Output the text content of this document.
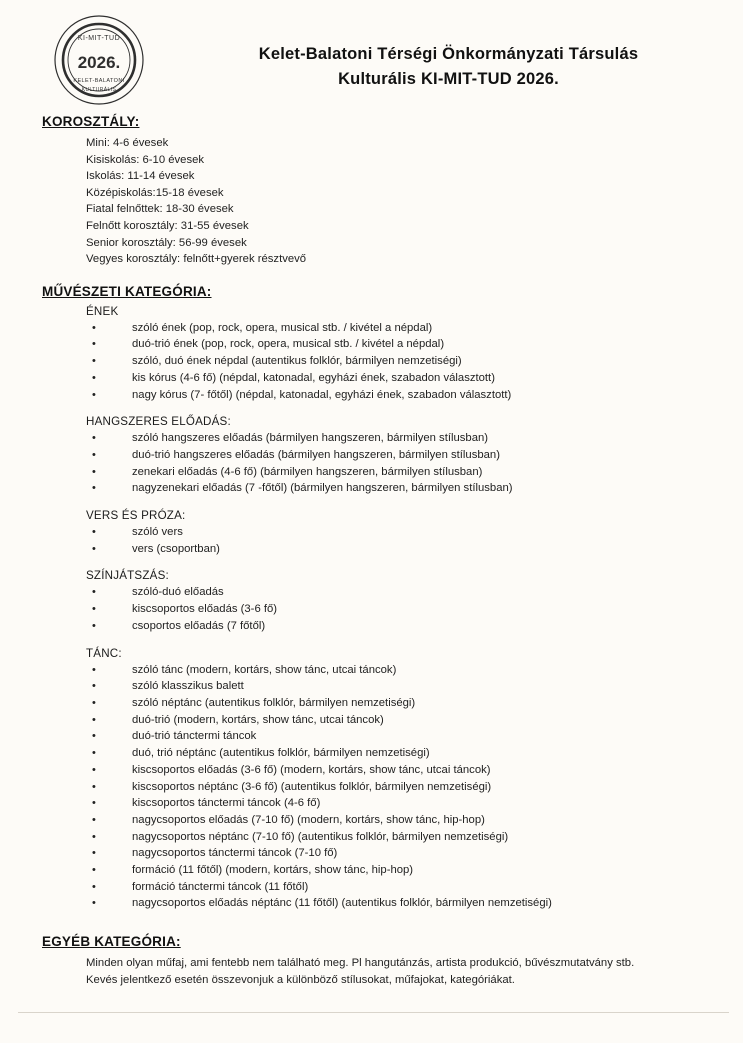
KI-MIT-TUD
2026.
KELET-BALATONI
KULTURÁLIS
Kelet-Balatoni Térségi Önkormányzati Társulás
Kulturális KI-MIT-TUD 2026.
KOROSZTÁLY:
Mini: 4-6 évesek
Kisiskolás: 6-10 évesek
Iskolás: 11-14 évesek
Középiskolás:15-18 évesek
Fiatal felnőttek: 18-30 évesek
Felnőtt korosztály: 31-55 évesek
Senior korosztály: 56-99 évesek
Vegyes korosztály: felnőtt+gyerek résztvevő
MŰVÉSZETI KATEGÓRIA:
ÉNEK
•	szóló ének (pop, rock, opera, musical stb. / kivétel a népdal)
•	duó-trió ének (pop, rock, opera, musical stb. / kivétel a népdal)
•	szóló, duó ének népdal (autentikus folklór, bármilyen nemzetiségi)
•	kis kórus (4-6 fő) (népdal, katonadal, egyházi ének, szabadon választott)
•	nagy kórus (7- főtől) (népdal, katonadal, egyházi ének, szabadon választott)
HANGSZERES ELŐADÁS:
•	szóló hangszeres előadás (bármilyen hangszeren, bármilyen stílusban)
•	duó-trió hangszeres előadás (bármilyen hangszeren, bármilyen stílusban)
•	zenekari előadás (4-6 fő) (bármilyen hangszeren, bármilyen stílusban)
•	nagyzenekari előadás (7 -főtől) (bármilyen hangszeren, bármilyen stílusban)
VERS ÉS PRÓZA:
•	szóló vers
•	vers (csoportban)
SZÍNJÁTSZÁS:
•	szóló-duó előadás
•	kiscsoportos előadás (3-6 fő)
•	csoportos előadás (7 főtől)
TÁNC:
•	szóló tánc (modern, kortárs, show tánc, utcai táncok)
•	szóló klasszikus balett
•	szóló néptánc (autentikus folklór, bármilyen nemzetiségi)
•	duó-trió (modern, kortárs, show tánc, utcai táncok)
•	duó-trió tánctermi táncok
•	duó, trió néptánc (autentikus folklór, bármilyen nemzetiségi)
•	kiscsoportos előadás (3-6 fő) (modern, kortárs, show tánc, utcai táncok)
•	kiscsoportos néptánc (3-6 fő) (autentikus folklór, bármilyen nemzetiségi)
•	kiscsoportos tánctermi táncok (4-6 fő)
•	nagycsoportos előadás (7-10 fő) (modern, kortárs, show tánc, hip-hop)
•	nagycsoportos néptánc (7-10 fő) (autentikus folklór, bármilyen nemzetiségi)
•	nagycsoportos tánctermi táncok (7-10 fő)
•	formáció (11 főtől) (modern, kortárs, show tánc, hip-hop)
•	formáció tánctermi táncok (11 főtől)
•	nagycsoportos előadás néptánc (11 főtől) (autentikus folklór, bármilyen nemzetiségi)
EGYÉB KATEGÓRIA:
Minden olyan műfaj, ami fentebb nem található meg. Pl hangutánzás, artista produkció, bűvészmutatvány stb.
Kevés jelentkező esetén összevonjuk a különböző stílusokat, műfajokat, kategóriákat.
